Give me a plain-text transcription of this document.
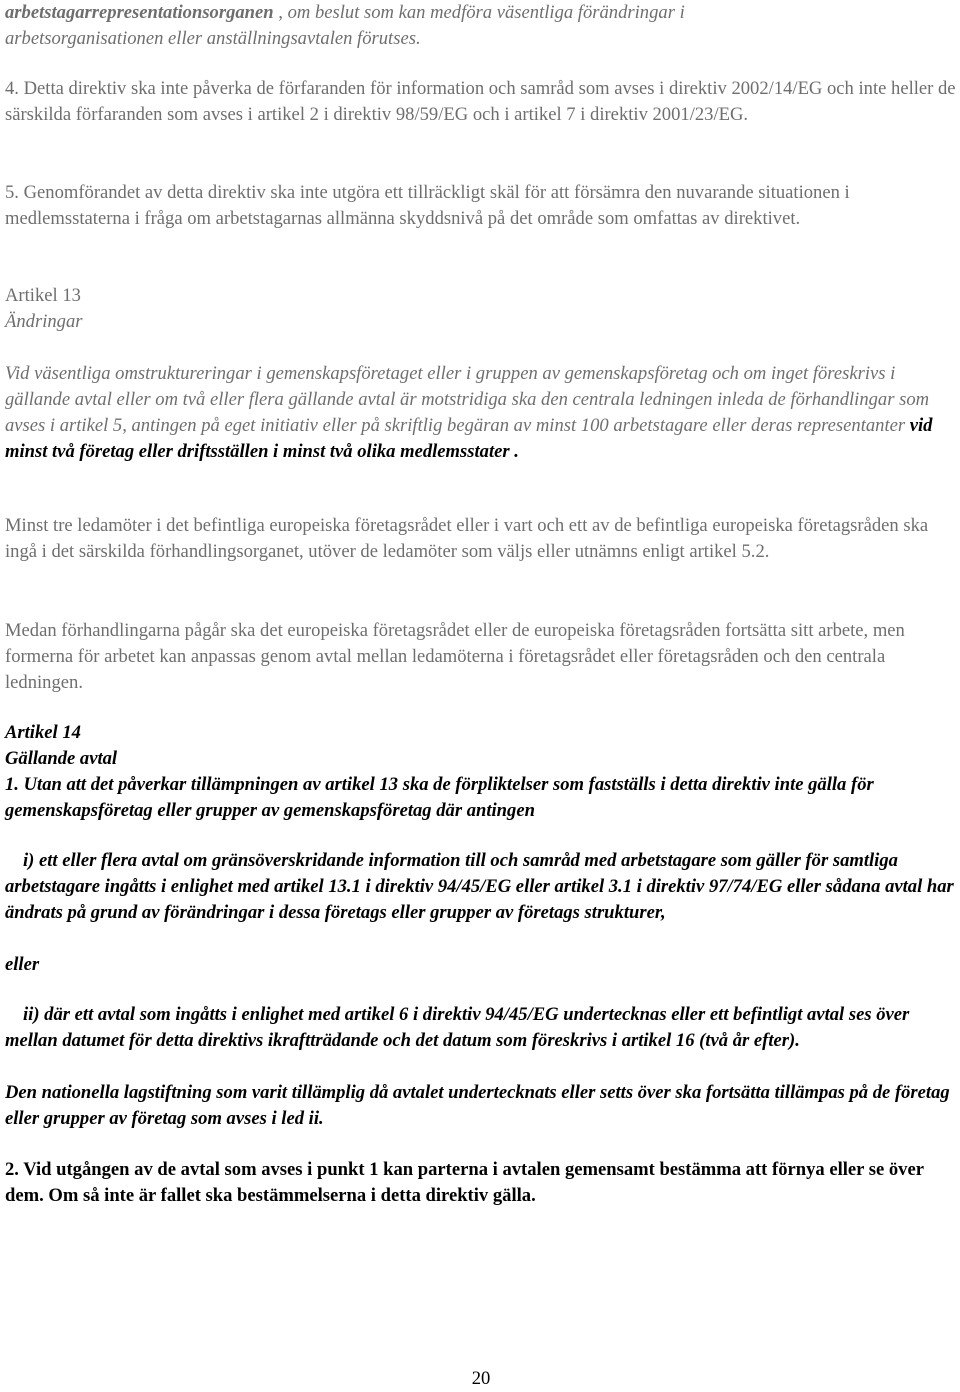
arbetstagarrepresentationsorganen , om beslut som kan medföra väsentliga förändringar i
arbetsorganisationen eller anställningsavtalen förutses.

4. Detta direktiv ska inte påverka de förfaranden för information och samråd som avses i direktiv 2002/14/EG och inte heller de särskilda förfaranden som avses i artikel 2 i direktiv 98/59/EG och i artikel 7 i direktiv 2001/23/EG.

5. Genomförandet av detta direktiv ska inte utgöra ett tillräckligt skäl för att försämra den nuvarande situationen i medlemsstaterna i fråga om arbetstagarnas allmänna skyddsnivå på det område som omfattas av direktivet.

Artikel 13

Ändringar

Vid väsentliga omstruktureringar i gemenskapsföretaget eller i gruppen av gemenskapsföretag och om inget föreskrivs i gällande avtal eller om två eller flera gällande avtal är motstridiga ska den centrala ledningen inleda de förhandlingar som avses i artikel 5, antingen på eget initiativ eller på skriftlig begäran av minst 100 arbetstagare eller deras representanter vid minst två företag eller driftsställen i minst två olika medlemsstater .

Minst tre ledamöter i det befintliga europeiska företagsrådet eller i vart och ett av de befintliga europeiska företagsråden ska ingå i det särskilda förhandlingsorganet, utöver de ledamöter som väljs eller utnämns enligt artikel 5.2.

Medan förhandlingarna pågår ska det europeiska företagsrådet eller de europeiska företagsråden fortsätta sitt arbete, men formerna för arbetet kan anpassas genom avtal mellan ledamöterna i företagsrådet eller företagsråden och den centrala ledningen.

Artikel 14

Gällande avtal

1. Utan att det påverkar tillämpningen av artikel 13 ska de förpliktelser som fastställs i detta direktiv inte gälla för gemenskapsföretag eller grupper av gemenskapsföretag där antingen

i) ett eller flera avtal om gränsöverskridande information till och samråd med arbetstagare som gäller för samtliga arbetstagare ingåtts i enlighet med artikel 13.1 i direktiv 94/45/EG eller artikel 3.1 i direktiv 97/74/EG eller sådana avtal har ändrats på grund av förändringar i dessa företags eller grupper av företags strukturer,

eller

ii) där ett avtal som ingåtts i enlighet med artikel 6 i direktiv 94/45/EG undertecknas eller ett befintligt avtal ses över mellan datumet för detta direktivs ikraftträdande och det datum som föreskrivs i artikel 16 (två år efter).

Den nationella lagstiftning som varit tillämplig då avtalet undertecknats eller setts över ska fortsätta tillämpas på de företag eller grupper av företag som avses i led ii.

2. Vid utgången av de avtal som avses i punkt 1 kan parterna i avtalen gemensamt bestämma att förnya eller se över dem. Om så inte är fallet ska bestämmelserna i detta direktiv gälla.

20
